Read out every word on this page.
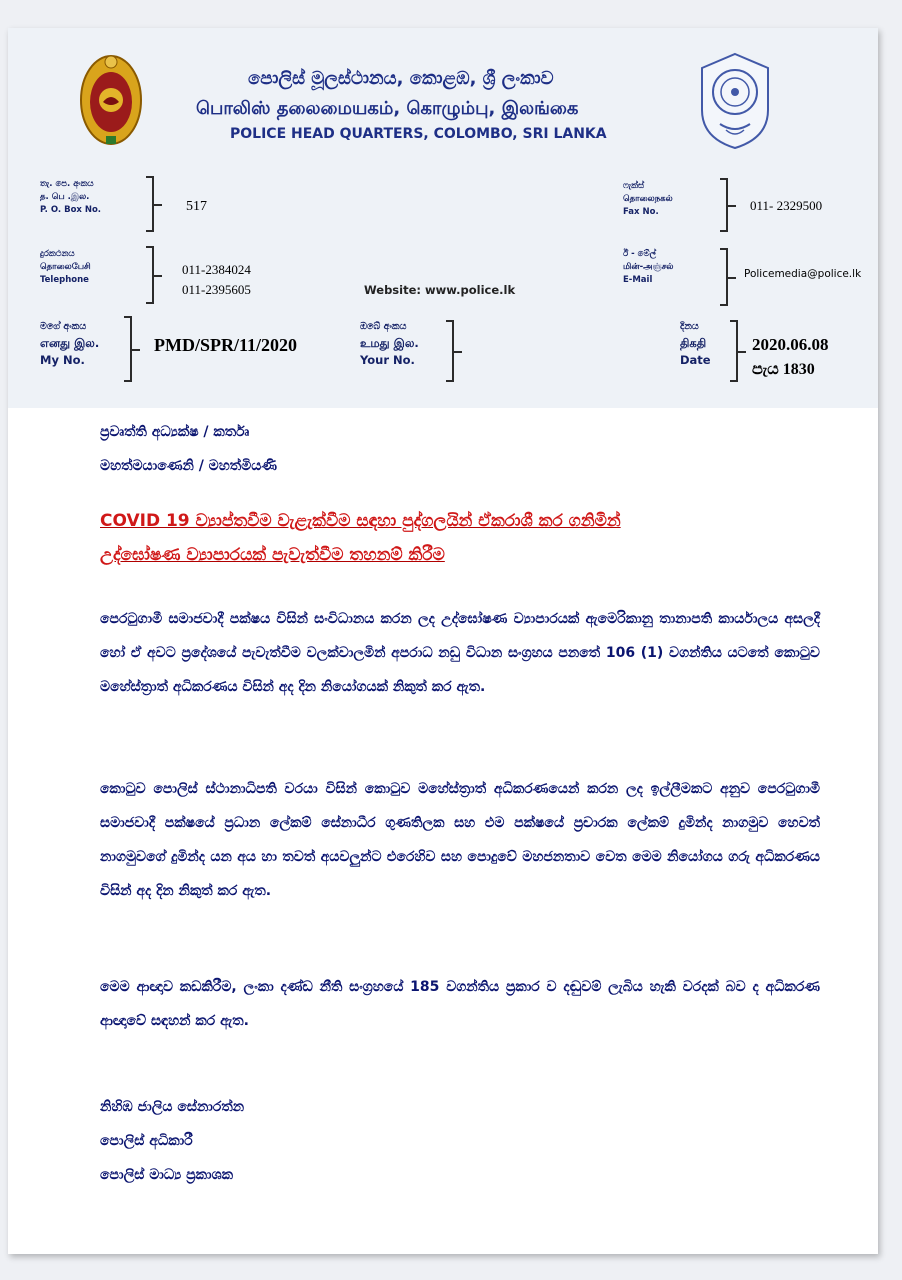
පොලිස් මූලස්ථානය, කොළඹ, ශ්‍රී ලංකාව
பொலிஸ் தலைமையகம், கொழும்பு, இலங்கை
POLICE HEAD QUARTERS, COLOMBO, SRI LANKA
තැ. පෙ. අංකය
த. பெ .இல.
P. O. Box No.	517
ෆැක්ස්
தொலைநகல்
Fax No.	011- 2329500
දුරකථනය
தொலைபேசி
Telephone
011-2384024
011-2395605	Website: www.police.lk
ඊ - මේල්
மின்-அஞ்சல்
E-Mail	Policemedia@police.lk
මගේ අංකය
எனது இல.
My No.
PMD/SPR/11/2020
ඔබේ අංකය
உமது இல.
Your No.
දිනය
திகதி
Date
2020.06.08
පැය 1830
ප්‍රවෘත්ති අධ්‍යක්ෂ / කර්තෘ
මහත්මයාණෙනි / මහත්මියණි
COVID 19 ව්‍යාප්තවීම වැළැක්වීම සඳහා පුද්ගලයින් ඒකරාශී කර ගනිමින්
උද්ඝෝෂණ ව්‍යාපාරයක් පැවැත්වීම තහනම් කිරීම
පෙරටුගාමී සමාජවාදී පක්ෂය විසින් සංවිධානය කරන ලද උද්ඝෝෂණ ව්‍යාපාරයක් ඇමෙරිකානු තානාපති කාර්යාලය අසලදී හෝ ඒ අවට ප්‍රදේශයේ පැවැත්වීම වලක්වාලමින් අපරාධ නඩු විධාන සංග්‍රහය පනතේ 106 (1) වගන්තිය යටතේ කොටුව මහේස්ත්‍රාත් අධිකරණය විසින් අද දින නියෝගයක් නිකුත් කර ඇත.
කොටුව පොලිස් ස්ථානාධිපති වරයා විසින් කොටුව මහේස්ත්‍රාත් අධිකරණයෙන් කරන ලද ඉල්ලීමකට අනුව පෙරටුගාමී සමාජවාදී පක්ෂයේ ප්‍රධාන ලේකම් සේනාධීර ගුණතිලක සහ එම පක්ෂයේ ප්‍රචාරක ලේකම් දුමින්ද නාගමුව හෙවත් නාගමුවගේ දුමින්ද යන අය හා තවත් අයවලුන්ට එරෙහිව සහ පොදුවේ මහජනතාව වෙත මෙම නියෝගය ගරු අධිකරණය විසින් අද දින නිකුත් කර ඇත.
මෙම ආඥාව කඩකිරීම, ලංකා දණ්ඩ නීති සංග්‍රහයේ 185 වගන්තිය ප්‍රකාර ව දඬුවම් ලැබිය හැකි වරදක් බව ද අධිකරණ ආඥාවේ සඳහන් කර ඇත.
නිහිඹ ජාලිය සේනාරත්න
පොලිස් අධිකාරී
පොලිස් මාධ්‍ය ප්‍රකාශක
